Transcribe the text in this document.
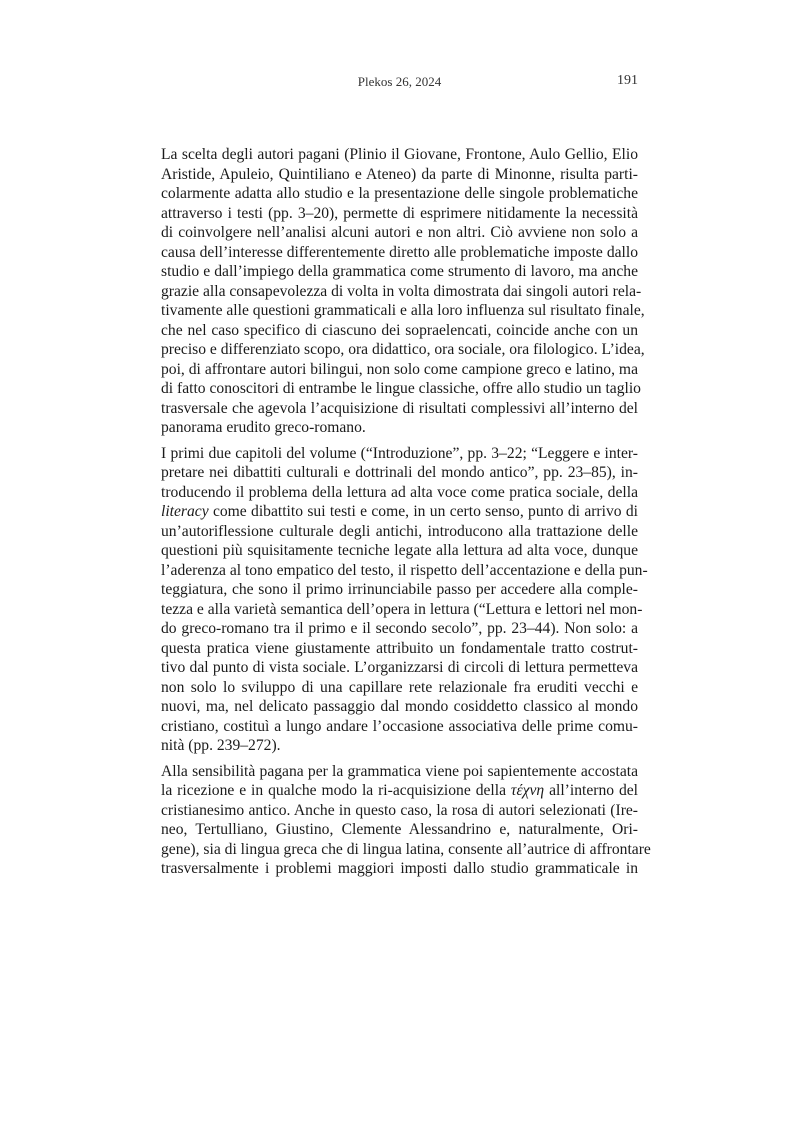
Plekos 26, 2024	191
La scelta degli autori pagani (Plinio il Giovane, Frontone, Aulo Gellio, Elio
Aristide, Apuleio, Quintiliano e Ateneo) da parte di Minonne, risulta parti-
colarmente adatta allo studio e la presentazione delle singole problematiche
attraverso i testi (pp. 3–20), permette di esprimere nitidamente la necessità
di coinvolgere nell’analisi alcuni autori e non altri. Ciò avviene non solo a
causa dell’interesse differentemente diretto alle problematiche imposte dallo
studio e dall’impiego della grammatica come strumento di lavoro, ma anche
grazie alla consapevolezza di volta in volta dimostrata dai singoli autori rela-
tivamente alle questioni grammaticali e alla loro influenza sul risultato finale,
che nel caso specifico di ciascuno dei sopraelencati, coincide anche con un
preciso e differenziato scopo, ora didattico, ora sociale, ora filologico. L’idea,
poi, di affrontare autori bilingui, non solo come campione greco e latino, ma
di fatto conoscitori di entrambe le lingue classiche, offre allo studio un taglio
trasversale che agevola l’acquisizione di risultati complessivi all’interno del
panorama erudito greco-romano.
I primi due capitoli del volume (“Introduzione”, pp. 3–22; “Leggere e inter-
pretare nei dibattiti culturali e dottrinali del mondo antico”, pp. 23–85), in-
troducendo il problema della lettura ad alta voce come pratica sociale, della
literacy come dibattito sui testi e come, in un certo senso, punto di arrivo di
un’autoriflessione culturale degli antichi, introducono alla trattazione delle
questioni più squisitamente tecniche legate alla lettura ad alta voce, dunque
l’aderenza al tono empatico del testo, il rispetto dell’accentazione e della pun-
teggiatura, che sono il primo irrinunciabile passo per accedere alla comple-
tezza e alla varietà semantica dell’opera in lettura (“Lettura e lettori nel mon-
do greco-romano tra il primo e il secondo secolo”, pp. 23–44). Non solo: a
questa pratica viene giustamente attribuito un fondamentale tratto costrut-
tivo dal punto di vista sociale. L’organizzarsi di circoli di lettura permetteva
non solo lo sviluppo di una capillare rete relazionale fra eruditi vecchi e
nuovi, ma, nel delicato passaggio dal mondo cosiddetto classico al mondo
cristiano, costituì a lungo andare l’occasione associativa delle prime comu-
nità (pp. 239–272).
Alla sensibilità pagana per la grammatica viene poi sapientemente accostata
la ricezione e in qualche modo la ri-acquisizione della τέχνη all’interno del
cristianesimo antico. Anche in questo caso, la rosa di autori selezionati (Ire-
neo, Tertulliano, Giustino, Clemente Alessandrino e, naturalmente, Ori-
gene), sia di lingua greca che di lingua latina, consente all’autrice di affrontare
trasversalmente i problemi maggiori imposti dallo studio grammaticale in
